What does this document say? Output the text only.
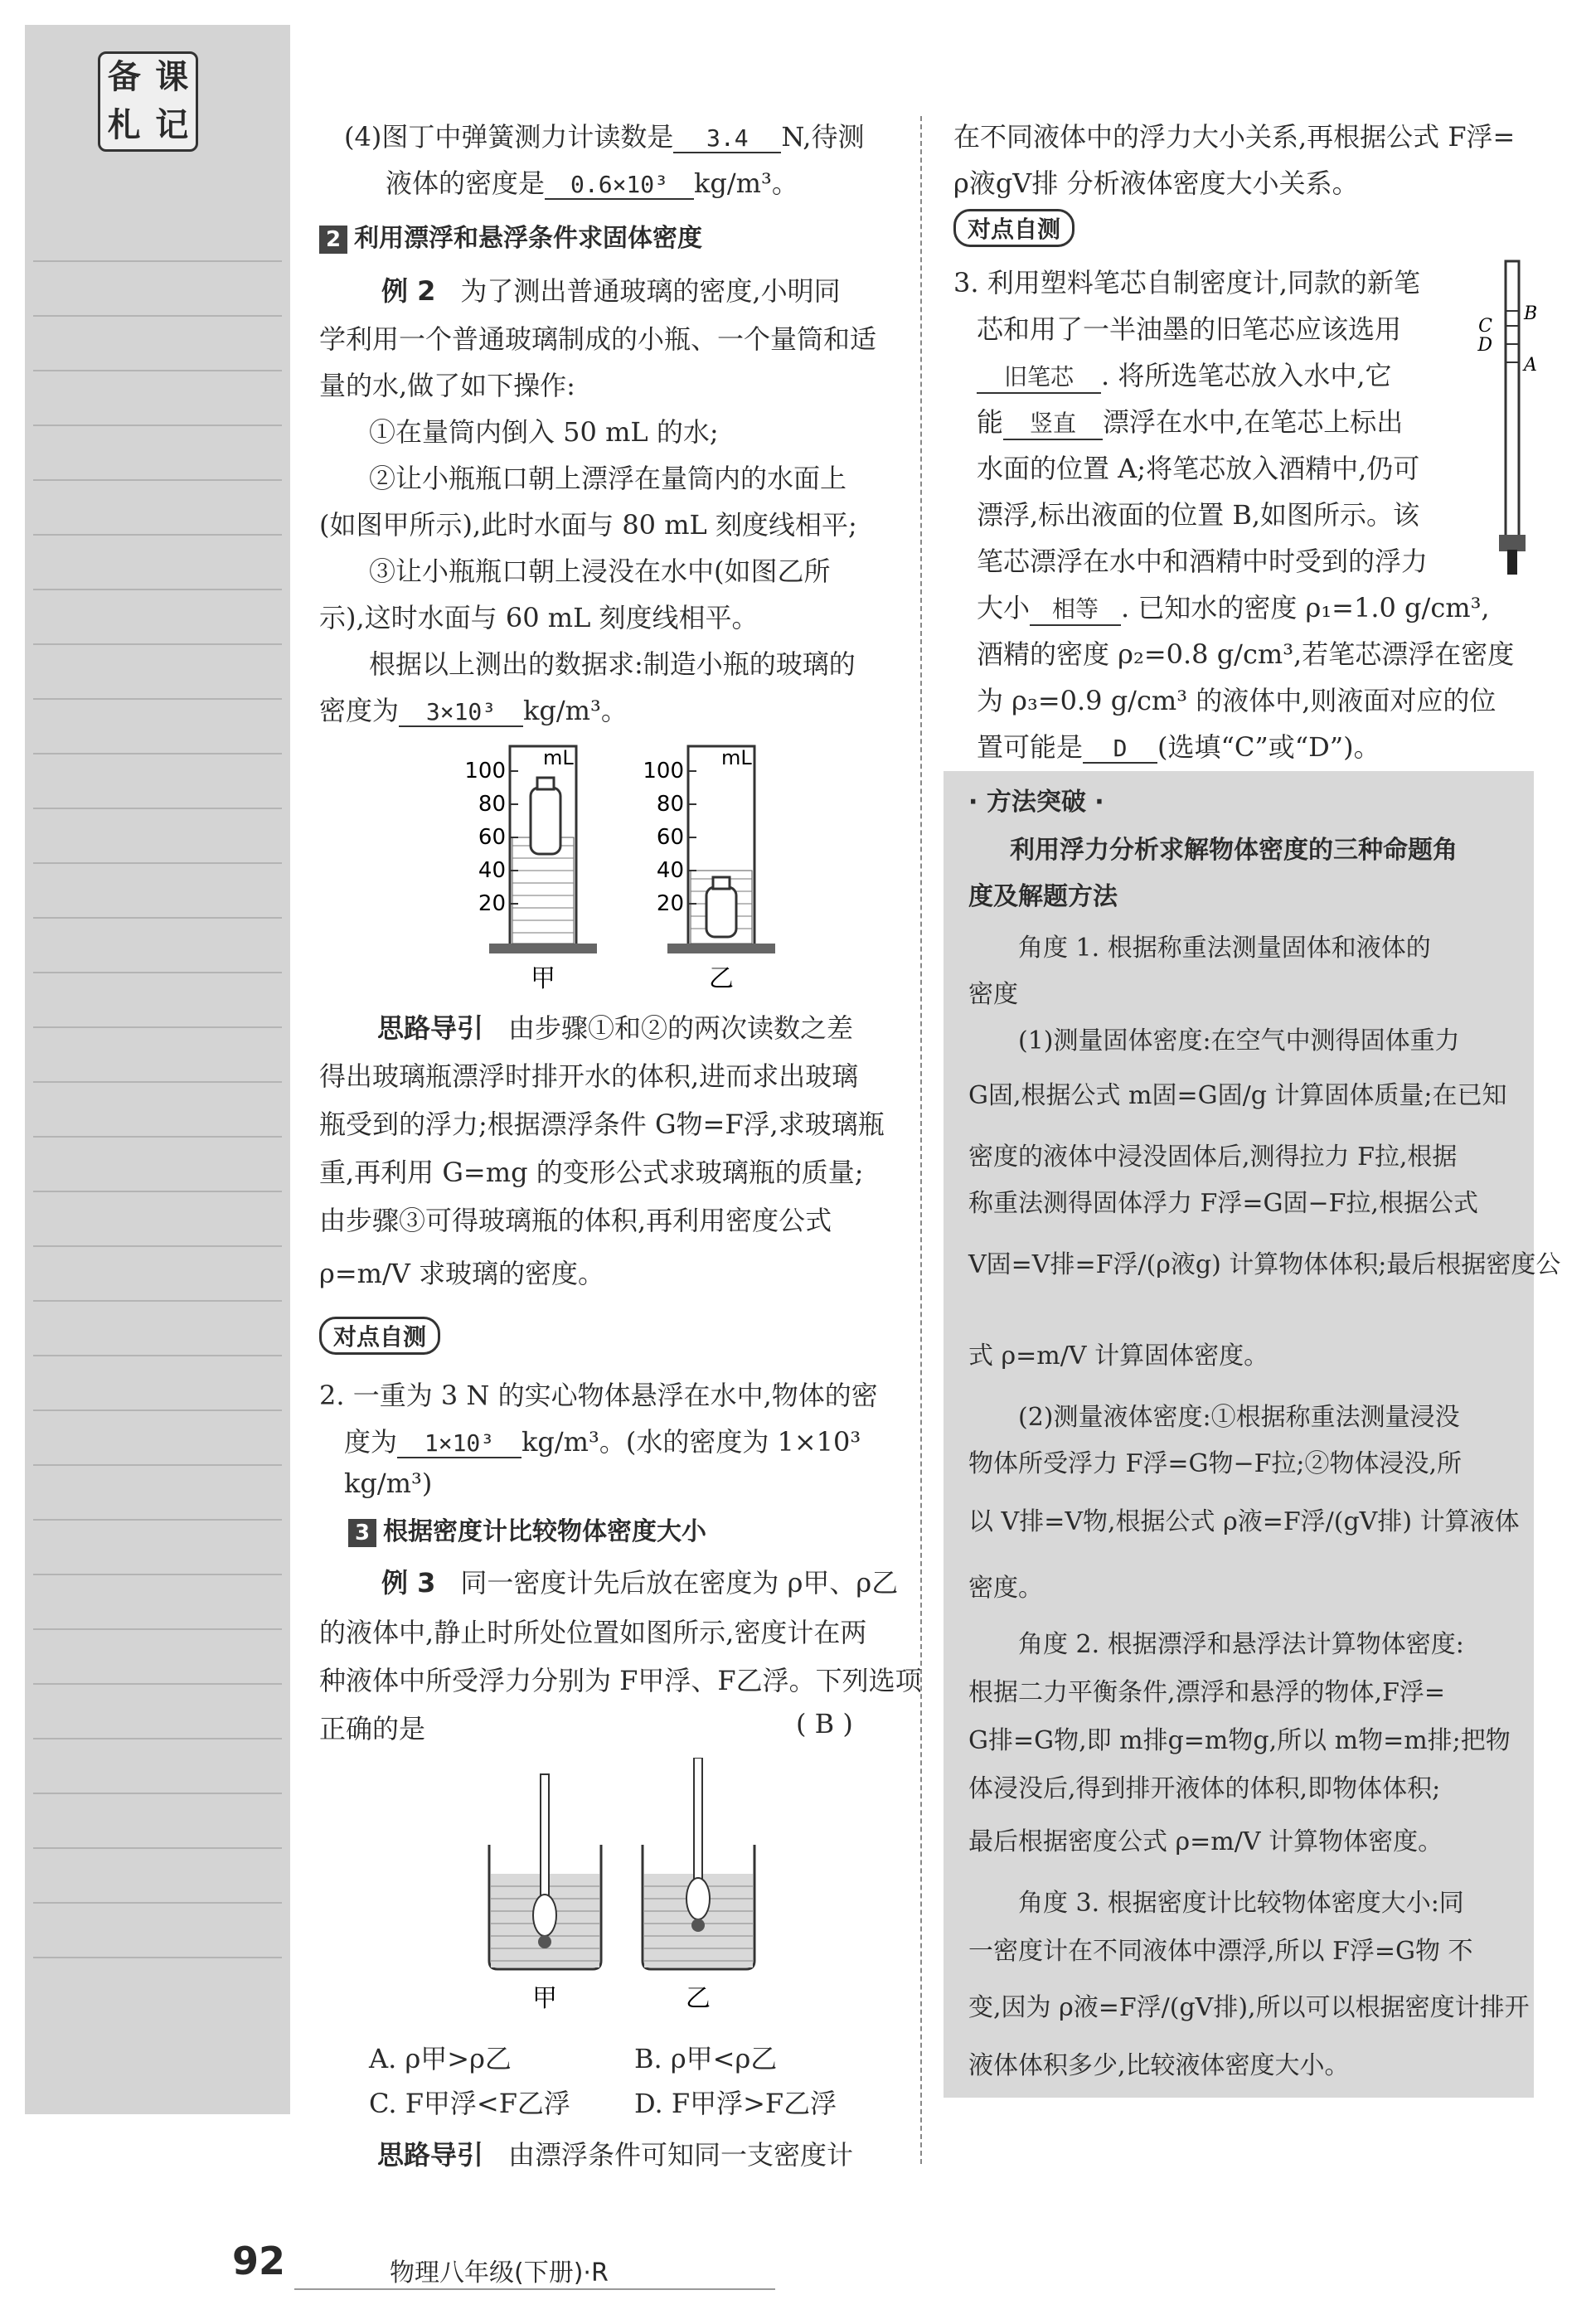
备 课
札 记	(4)图丁中弹簧测力计读数是 3.4 N,待测
液体的密度是 0.6×10³ kg/m³。
2 利用漂浮和悬浮条件求固体密度
例 2 为了测出普通玻璃的密度,小明同
学利用一个普通玻璃制成的小瓶、一个量筒和适
量的水,做了如下操作:
①在量筒内倒入 50 mL 的水;
②让小瓶瓶口朝上漂浮在量筒内的水面上
(如图甲所示),此时水面与 80 mL 刻度线相平;
③让小瓶瓶口朝上浸没在水中(如图乙所
示),这时水面与 60 mL 刻度线相平。
根据以上测出的数据求:制造小瓶的玻璃的
密度为 3×10³ kg/m³。
mL
100
80
60
40
20
甲
mL
100
80
60
40
20
乙
思路导引 由步骤①和②的两次读数之差
得出玻璃瓶漂浮时排开水的体积,进而求出玻璃
瓶受到的浮力;根据漂浮条件 G物=F浮,求玻璃瓶
重,再利用 G=mg 的变形公式求玻璃瓶的质量;
由步骤③可得玻璃瓶的体积,再利用密度公式
ρ=m/V 求玻璃的密度。
对点自测
2. 一重为 3 N 的实心物体悬浮在水中,物体的密
度为 1×10³ kg/m³。(水的密度为 1×10³
kg/m³)
3 根据密度计比较物体密度大小
例 3 同一密度计先后放在密度为 ρ甲、ρ乙
的液体中,静止时所处位置如图所示,密度计在两
种液体中所受浮力分别为 F甲浮、F乙浮。下列选项
正确的是	( B )
甲	乙
A. ρ甲>ρ乙	B. ρ甲<ρ乙
C. F甲浮<F乙浮 D. F甲浮>F乙浮
思路导引 由漂浮条件可知同一支密度计
在不同液体中的浮力大小关系,再根据公式 F浮=
ρ液gV排 分析液体密度大小关系。
对点自测
3. 利用塑料笔芯自制密度计,同款的新笔
芯和用了一半油墨的旧笔芯应该选用
旧笔芯 . 将所选笔芯放入水中,它
能 竖直 漂浮在水中,在笔芯上标出
水面的位置 A;将笔芯放入酒精中,仍可
漂浮,标出液面的位置 B,如图所示。该
笔芯漂浮在水中和酒精中时受到的浮力
大小 相等 . 已知水的密度 ρ₁=1.0 g/cm³,
酒精的密度 ρ₂=0.8 g/cm³,若笔芯漂浮在密度
为 ρ₃=0.9 g/cm³ 的液体中,则液面对应的位
置可能是 D (选填“C”或“D”)。
C
B
D
A
· 方法突破 ·
利用浮力分析求解物体密度的三种命题角
度及解题方法
角度 1. 根据称重法测量固体和液体的
密度
(1)测量固体密度:在空气中测得固体重力
G固,根据公式 m固=G固/g 计算固体质量;在已知
密度的液体中浸没固体后,测得拉力 F拉,根据
称重法测得固体浮力 F浮=G固−F拉,根据公式
V固=V排=F浮/(ρ液g) 计算物体体积;最后根据密度公
式 ρ=m/V 计算固体密度。
(2)测量液体密度:①根据称重法测量浸没
物体所受浮力 F浮=G物−F拉;②物体浸没,所
以 V排=V物,根据公式 ρ液=F浮/(gV排) 计算液体
密度。
角度 2. 根据漂浮和悬浮法计算物体密度:
根据二力平衡条件,漂浮和悬浮的物体,F浮=
G排=G物,即 m排g=m物g,所以 m物=m排;把物
体浸没后,得到排开液体的体积,即物体体积;
最后根据密度公式 ρ=m/V 计算物体密度。
角度 3. 根据密度计比较物体密度大小:同
一密度计在不同液体中漂浮,所以 F浮=G物 不
变,因为 ρ液=F浮/(gV排),所以可以根据密度计排开
液体体积多少,比较液体密度大小。
92	物理八年级(下册)·R
